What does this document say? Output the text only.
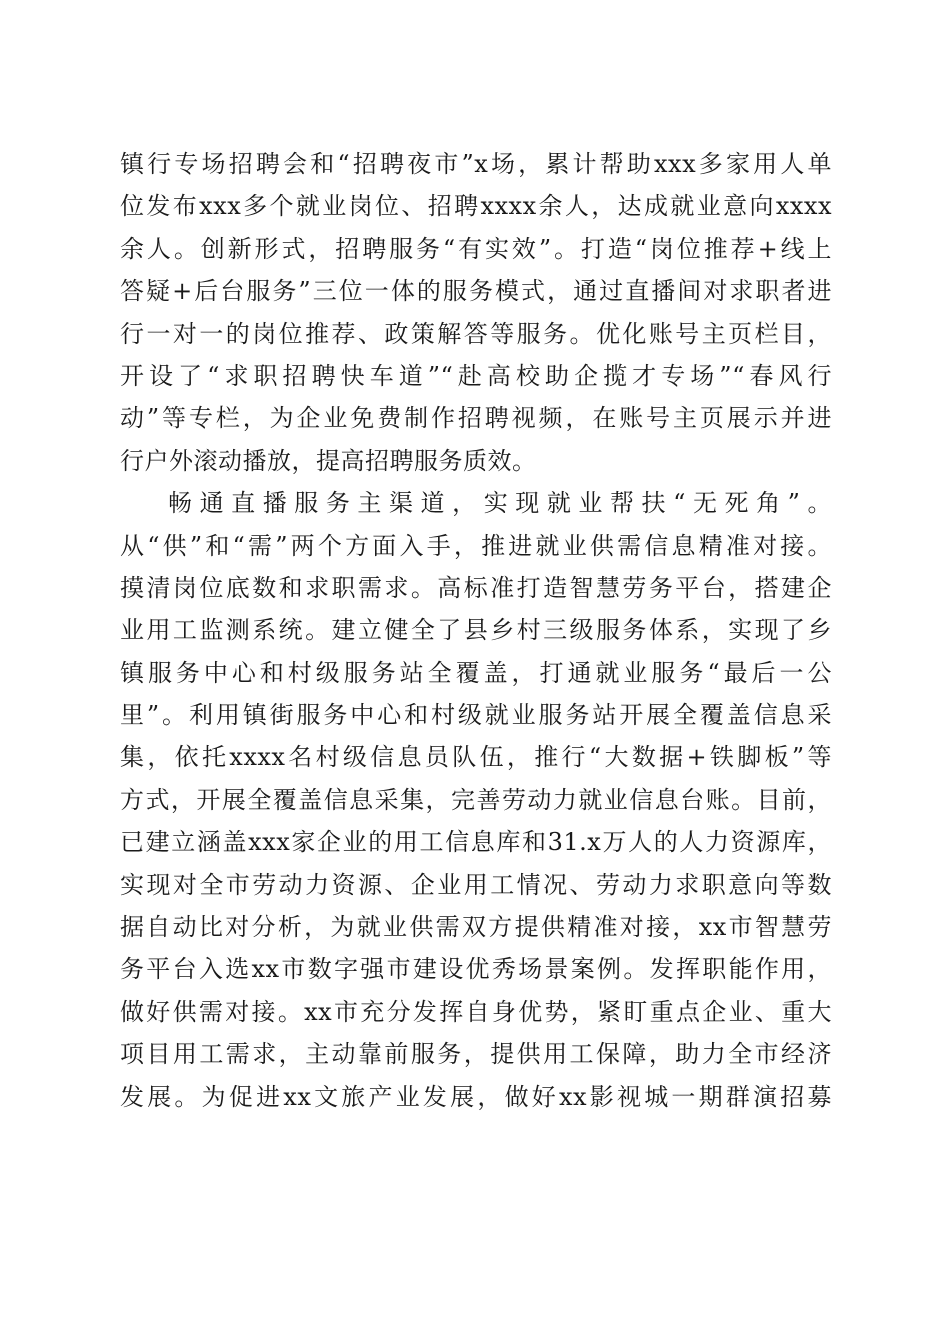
镇行专场招聘会和“招聘夜市”x场，累计帮助xxx多家用人单
位发布xxx多个就业岗位、招聘xxxx余人，达成就业意向xxxx
余人。创新形式，招聘服务“有实效”。打造“岗位推荐+线上
答疑+后台服务”三位一体的服务模式，通过直播间对求职者进
行一对一的岗位推荐、政策解答等服务。优化账号主页栏目，
开设了“求职招聘快车道”“赴高校助企揽才专场”“春风行
动”等专栏，为企业免费制作招聘视频，在账号主页展示并进
行户外滚动播放，提高招聘服务质效。
畅通直播服务主渠道，实现就业帮扶“无死角”。
从“供”和“需”两个方面入手，推进就业供需信息精准对接。
摸清岗位底数和求职需求。高标准打造智慧劳务平台，搭建企
业用工监测系统。建立健全了县乡村三级服务体系，实现了乡
镇服务中心和村级服务站全覆盖，打通就业服务“最后一公
里”。利用镇街服务中心和村级就业服务站开展全覆盖信息采
集，依托xxxx名村级信息员队伍，推行“大数据+铁脚板”等
方式，开展全覆盖信息采集，完善劳动力就业信息台账。目前，
已建立涵盖xxx家企业的用工信息库和31.x万人的人力资源库，
实现对全市劳动力资源、企业用工情况、劳动力求职意向等数
据自动比对分析，为就业供需双方提供精准对接，xx市智慧劳
务平台入选xx市数字强市建设优秀场景案例。发挥职能作用，
做好供需对接。xx市充分发挥自身优势，紧盯重点企业、重大
项目用工需求，主动靠前服务，提供用工保障，助力全市经济
发展。为促进xx文旅产业发展，做好xx影视城一期群演招募
